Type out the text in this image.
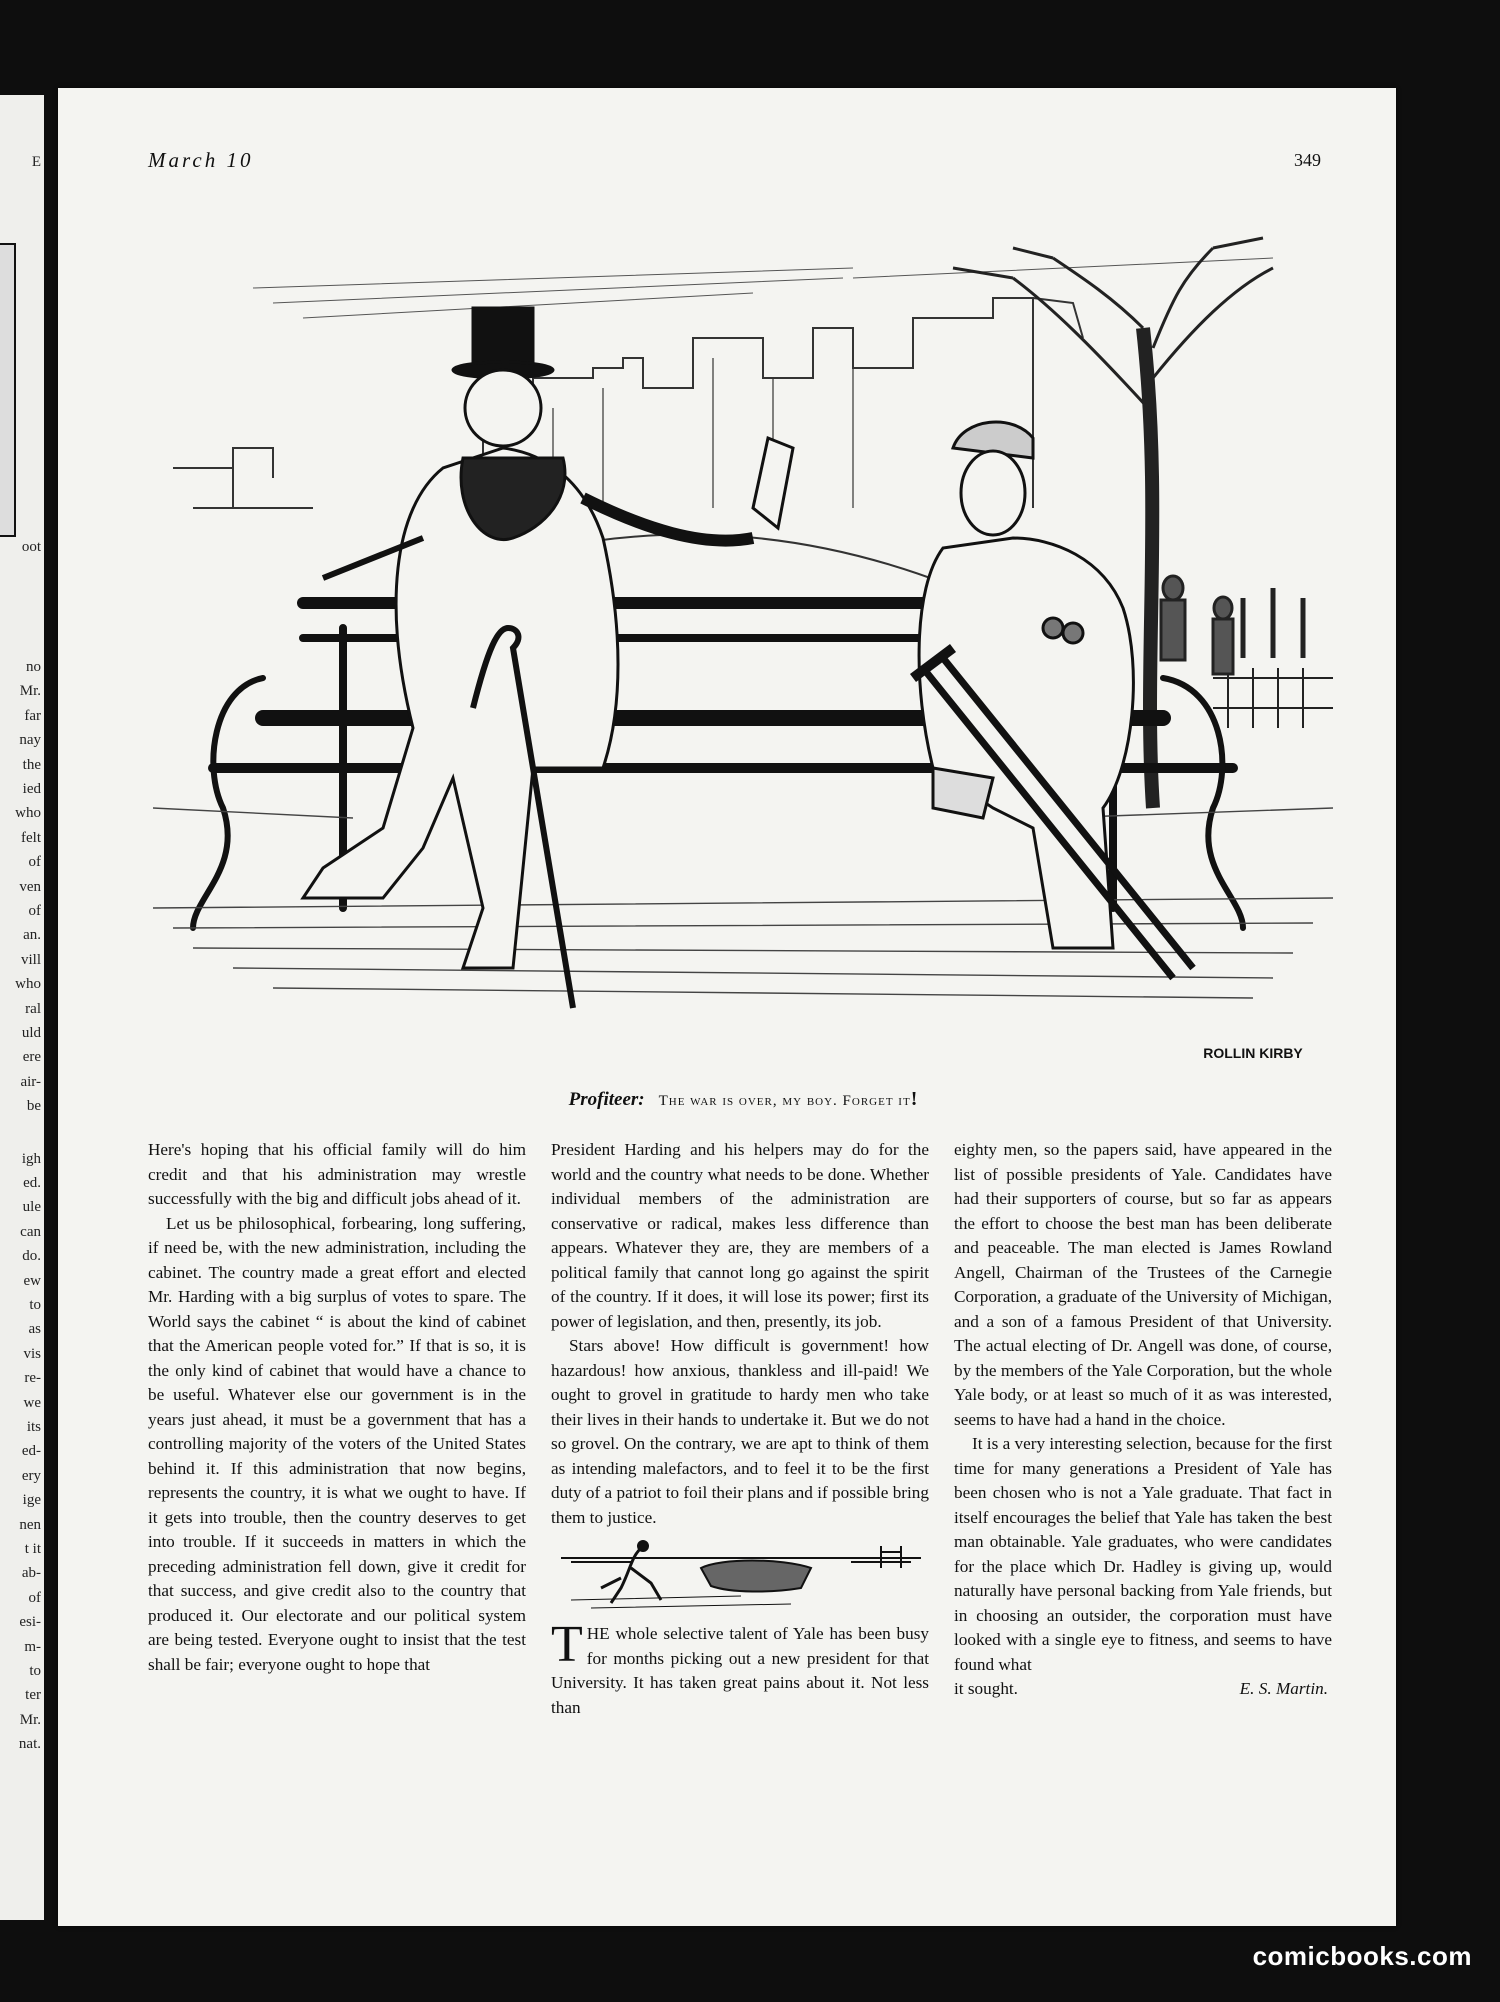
E
oot
no
Mr.
far
nay
the
ied
who
felt
of
ven
of
an.
vill
who
ral
uld
ere
air-
be
igh
ed.
ule
can
do.
ew
to
as
vis
re-
we
its
ed-
ery
ige
nen
t it
ab-
of
esi-
m-
to
ter
Mr.
nat.
March 10	349
ROLLIN KIRBY
Profiteer: The war is over, my boy. Forget it!

Here's hoping that his official family will do him credit and that his administration may wrestle successfully with the big and difficult jobs ahead of it.

Let us be philosophical, forbearing, long suffering, if need be, with the new administration, including the cabinet. The country made a great effort and elected Mr. Harding with a big surplus of votes to spare. The World says the cabinet “ is about the kind of cabinet that the American people voted for.” If that is so, it is the only kind of cabinet that would have a chance to be useful. Whatever else our government is in the years just ahead, it must be a government that has a controlling majority of the voters of the United States behind it. If this administration that now begins, represents the country, it is what we ought to have. If it gets into trouble, then the country deserves to get into trouble. If it succeeds in matters in which the preceding administration fell down, give it credit for that success, and give credit also to the country that produced it. Our electorate and our political system are being tested. Everyone ought to insist that the test shall be fair; everyone ought to hope that

President Harding and his helpers may do for the world and the country what needs to be done. Whether individual members of the administration are conservative or radical, makes less difference than appears. Whatever they are, they are members of a political family that cannot long go against the spirit of the country. If it does, it will lose its power; first its power of legislation, and then, presently, its job.

Stars above! How difficult is government! how hazardous! how anxious, thankless and ill-paid! We ought to grovel in gratitude to hardy men who take their lives in their hands to undertake it. But we do not so grovel. On the contrary, we are apt to think of them as intending malefactors, and to feel it to be the first duty of a patriot to foil their plans and if possible bring them to justice.

THE whole selective talent of Yale has been busy for months picking out a new president for that University. It has taken great pains about it. Not less than

eighty men, so the papers said, have appeared in the list of possible presidents of Yale. Candidates have had their supporters of course, but so far as appears the effort to choose the best man has been deliberate and peaceable. The man elected is James Rowland Angell, Chairman of the Trustees of the Carnegie Corporation, a graduate of the University of Michigan, and a son of a famous President of that University. The actual electing of Dr. Angell was done, of course, by the members of the Yale Corporation, but the whole Yale body, or at least so much of it as was interested, seems to have had a hand in the choice.

It is a very interesting selection, because for the first time for many generations a President of Yale has been chosen who is not a Yale graduate. That fact in itself encourages the belief that Yale has taken the best man obtainable. Yale graduates, who were candidates for the place which Dr. Hadley is giving up, would naturally have personal backing from Yale friends, but in choosing an outsider, the corporation must have looked with a single eye to fitness, and seems to have found what

it sought.	E. S. Martin.
comicbooks.com
